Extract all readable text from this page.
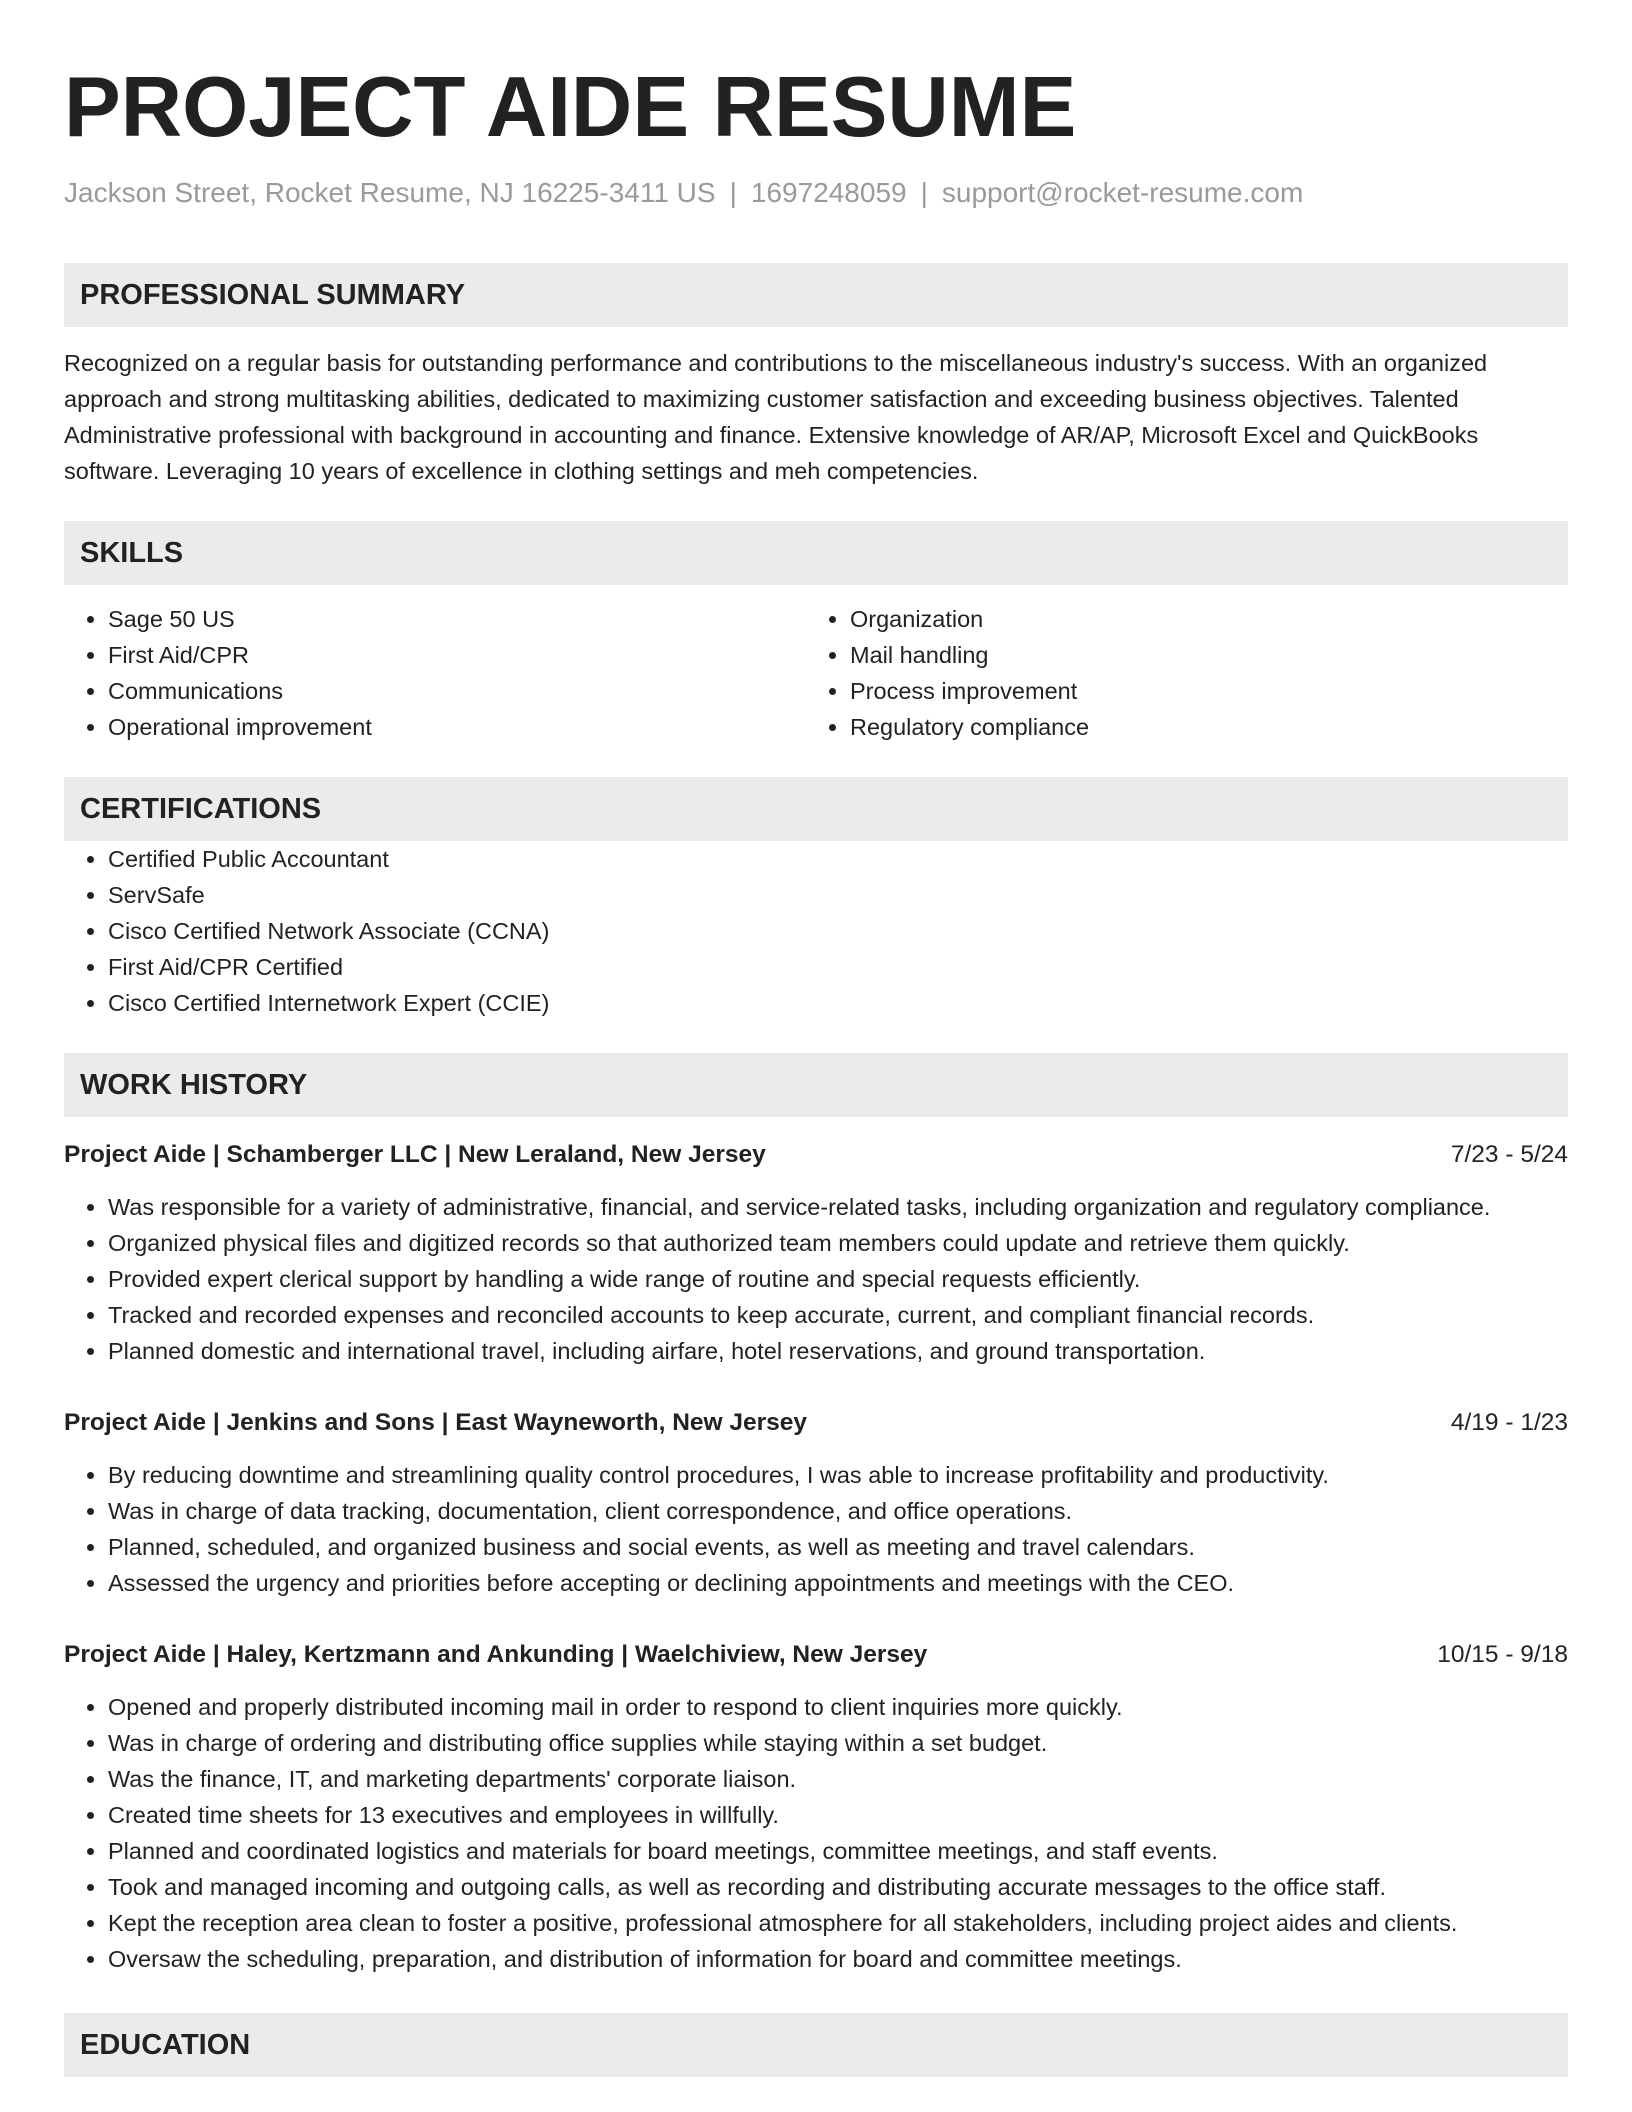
PROJECT AIDE RESUME
Jackson Street, Rocket Resume, NJ 16225-3411 US | 1697248059 | support@rocket-resume.com
PROFESSIONAL SUMMARY

Recognized on a regular basis for outstanding performance and contributions to the miscellaneous industry's success. With an organized approach and strong multitasking abilities, dedicated to maximizing customer satisfaction and exceeding business objectives. Talented Administrative professional with background in accounting and finance. Extensive knowledge of AR/AP, Microsoft Excel and QuickBooks software. Leveraging 10 years of excellence in clothing settings and meh competencies.

SKILLS
• Sage 50 US
• First Aid/CPR
• Communications
• Operational improvement
• Organization
• Mail handling
• Process improvement
• Regulatory compliance
CERTIFICATIONS
• Certified Public Accountant
• ServSafe
• Cisco Certified Network Associate (CCNA)
• First Aid/CPR Certified
• Cisco Certified Internetwork Expert (CCIE)
WORK HISTORY
Project Aide | Schamberger LLC | New Leraland, New Jersey	7/23 - 5/24
• Was responsible for a variety of administrative, financial, and service-related tasks, including organization and regulatory compliance.
• Organized physical files and digitized records so that authorized team members could update and retrieve them quickly.
• Provided expert clerical support by handling a wide range of routine and special requests efficiently.
• Tracked and recorded expenses and reconciled accounts to keep accurate, current, and compliant financial records.
• Planned domestic and international travel, including airfare, hotel reservations, and ground transportation.
Project Aide | Jenkins and Sons | East Wayneworth, New Jersey	4/19 - 1/23
• By reducing downtime and streamlining quality control procedures, I was able to increase profitability and productivity.
• Was in charge of data tracking, documentation, client correspondence, and office operations.
• Planned, scheduled, and organized business and social events, as well as meeting and travel calendars.
• Assessed the urgency and priorities before accepting or declining appointments and meetings with the CEO.
Project Aide | Haley, Kertzmann and Ankunding | Waelchiview, New Jersey	10/15 - 9/18
• Opened and properly distributed incoming mail in order to respond to client inquiries more quickly.
• Was in charge of ordering and distributing office supplies while staying within a set budget.
• Was the finance, IT, and marketing departments' corporate liaison.
• Created time sheets for 13 executives and employees in willfully.
• Planned and coordinated logistics and materials for board meetings, committee meetings, and staff events.
• Took and managed incoming and outgoing calls, as well as recording and distributing accurate messages to the office staff.
• Kept the reception area clean to foster a positive, professional atmosphere for all stakeholders, including project aides and clients.
• Oversaw the scheduling, preparation, and distribution of information for board and committee meetings.
EDUCATION
